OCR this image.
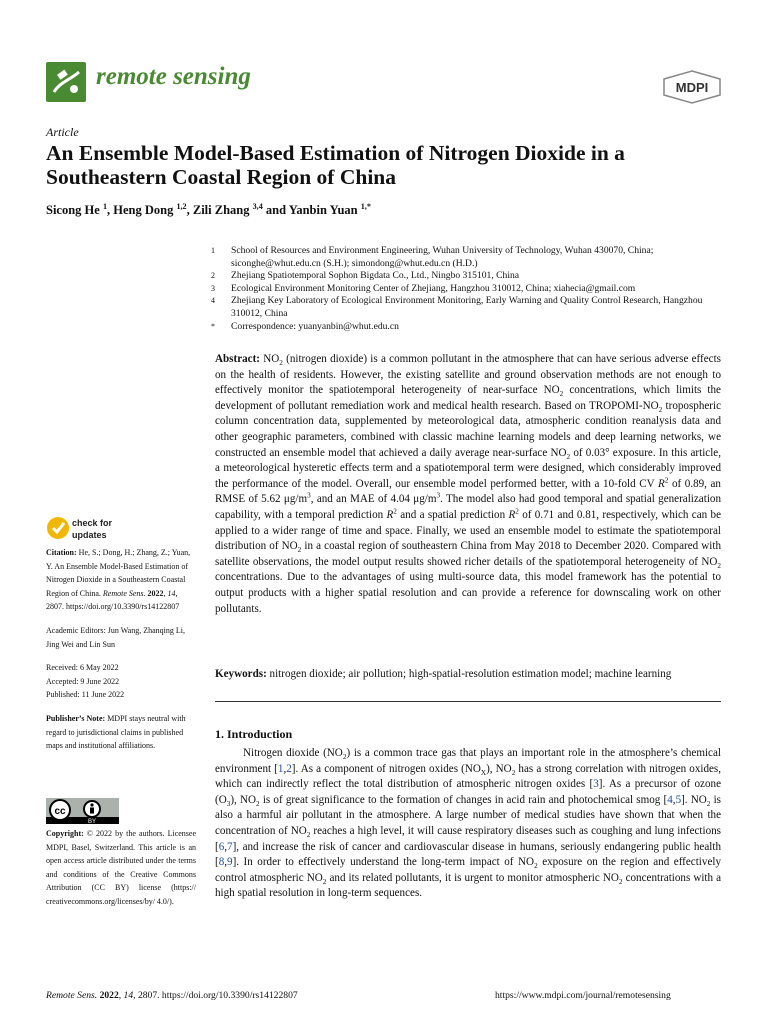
remote sensing	MDPI
Article
An Ensemble Model-Based Estimation of Nitrogen Dioxide in a Southeastern Coastal Region of China
Sicong He $^1$, Heng Dong $^{1,2}$, Zili Zhang $^{3,4}$ and Yanbin Yuan $^{1,*}$
1	School of Resources and Environment Engineering, Wuhan University of Technology, Wuhan 430070, China; siconghe@whut.edu.cn (S.H.); simondong@whut.edu.cn (H.D.)
2	Zhejiang Spatiotemporal Sophon Bigdata Co., Ltd., Ningbo 315101, China
3	Ecological Environment Monitoring Center of Zhejiang, Hangzhou 310012, China; xiahecia@gmail.com
4	Zhejiang Key Laboratory of Ecological Environment Monitoring, Early Warning and Quality Control Research, Hangzhou 310012, China
*	Correspondence: yuanyanbin@whut.edu.cn
Abstract: $NO_2$ (nitrogen dioxide) is a common pollutant in the atmosphere that can have serious adverse effects on the health of residents. However, the existing satellite and ground observation methods are not enough to effectively monitor the spatiotemporal heterogeneity of near-surface $NO_2$ concentrations, which limits the development of pollutant remediation work and medical health research. Based on TROPOMI-$NO_2$ tropospheric column concentration data, supplemented by meteorological data, atmospheric condition reanalysis data and other geographic parameters, combined with classic machine learning models and deep learning networks, we constructed an ensemble model that achieved a daily average near-surface $NO_2$ of 0.03° exposure. In this article, a meteorological hysteretic effects term and a spatiotemporal term were designed, which considerably improved the performance of the model. Overall, our ensemble model performed better, with a 10-fold CV $R^2$ of 0.89, an RMSE of 5.62 $\mu g/m^3$, and an MAE of 4.04 $\mu g/m^3$. The model also had good temporal and spatial generalization capability, with a temporal prediction $R^2$ and a spatial prediction $R^2$ of 0.71 and 0.81, respectively, which can be applied to a wider range of time and space. Finally, we used an ensemble model to estimate the spatiotemporal distribution of $NO_2$ in a coastal region of southeastern China from May 2018 to December 2020. Compared with satellite observations, the model output results showed richer details of the spatiotemporal heterogeneity of $NO_2$ concentrations. Due to the advantages of using multi-source data, this model framework has the potential to output products with a higher spatial resolution and can provide a reference for downscaling work on other pollutants.
Keywords: nitrogen dioxide; air pollution; high-spatial-resolution estimation model; machine learning
1. Introduction

Nitrogen dioxide $(NO_2)$ is a common trace gas that plays an important role in the atmosphere’s chemical environment [1,2]. As a component of nitrogen oxides $(NO_X)$, $NO_2$ has a strong correlation with nitrogen oxides, which can indirectly reflect the total distribution of atmospheric nitrogen oxides [3]. As a precursor of ozone $(O_3)$, $NO_2$ is of great significance to the formation of changes in acid rain and photochemical smog [4,5]. $NO_2$ is also a harmful air pollutant in the atmosphere. A large number of medical studies have shown that when the concentration of $NO_2$ reaches a high level, it will cause respiratory diseases such as coughing and lung infections [6,7], and increase the risk of cancer and cardiovascular disease in humans, seriously endangering public health [8,9]. In order to effectively understand the long-term impact of $NO_2$ exposure on the region and effectively control atmospheric $NO_2$ and its related pollutants, it is urgent to monitor atmospheric $NO_2$ concentrations with a high spatial resolution in long-term sequences.

check for
updates
Citation: He, S.; Dong, H.; Zhang, Z.; Yuan, Y. An Ensemble Model-Based Estimation of Nitrogen Dioxide in a Southeastern Coastal Region of China. Remote Sens. 2022, 14, 2807. https://doi.org/10.3390/rs14122807
Academic Editors: Jun Wang, Zhanqing Li, Jing Wei and Lin Sun
Received: 6 May 2022
Accepted: 9 June 2022
Published: 11 June 2022
Publisher’s Note: MDPI stays neutral with regard to jurisdictional claims in published maps and institutional affiliations.
cc
BY
Copyright: © 2022 by the authors. Licensee MDPI, Basel, Switzerland. This article is an open access article distributed under the terms and conditions of the Creative Commons Attribution (CC BY) license (https:// creativecommons.org/licenses/by/ 4.0/).
Remote Sens. 2022, 14, 2807. https://doi.org/10.3390/rs14122807	https://www.mdpi.com/journal/remotesensing
